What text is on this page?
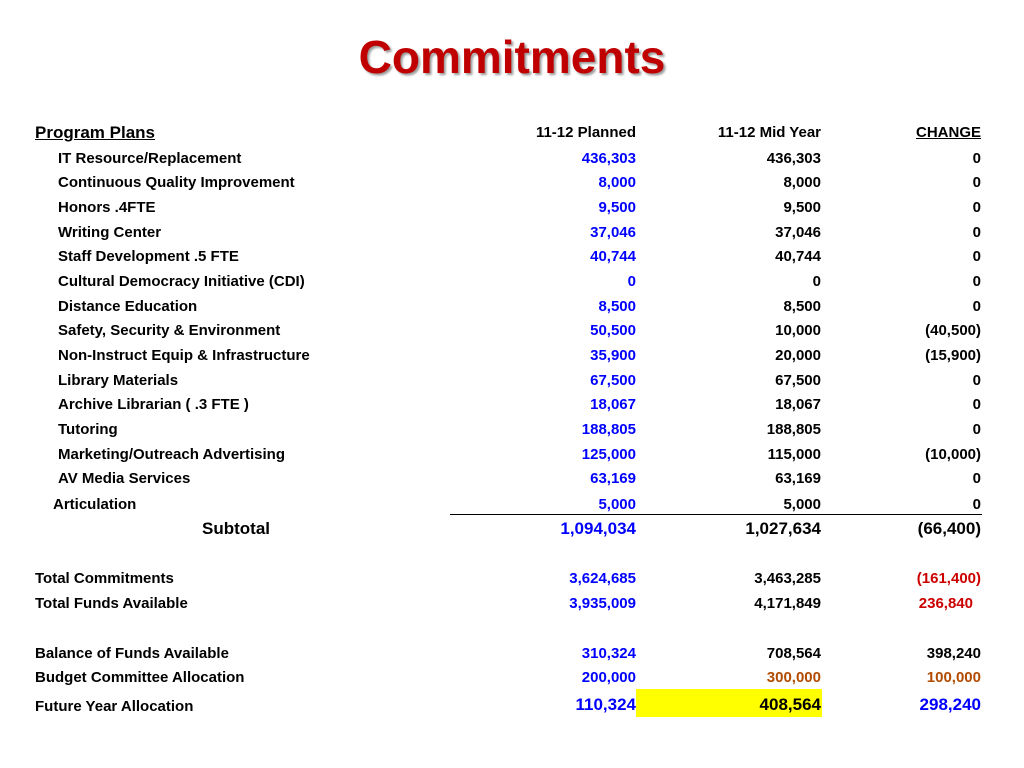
Commitments
Program Plans	11-12 Planned	11-12 Mid Year	CHANGE
IT Resource/Replacement	436,303	436,303	0
Continuous Quality Improvement	8,000	8,000	0
Honors .4FTE	9,500	9,500	0
Writing Center	37,046	37,046	0
Staff Development .5 FTE	40,744	40,744	0
Cultural Democracy Initiative (CDI)	0	0	0
Distance Education	8,500	8,500	0
Safety, Security & Environment	50,500	10,000	(40,500)
Non-Instruct Equip & Infrastructure	35,900	20,000	(15,900)
Library Materials	67,500	67,500	0
Archive Librarian ( .3 FTE )	18,067	18,067	0
Tutoring	188,805	188,805	0
Marketing/Outreach Advertising	125,000	115,000	(10,000)
AV Media Services	63,169	63,169	0
Articulation	5,000	5,000	0
Subtotal	1,094,034	1,027,634	(66,400)
Total Commitments	3,624,685	3,463,285	(161,400)
Total Funds Available	3,935,009	4,171,849	236,840
Balance of Funds Available	310,324	708,564	398,240
Budget Committee Allocation	200,000	300,000	100,000
Future Year Allocation	110,324	408,564	298,240
